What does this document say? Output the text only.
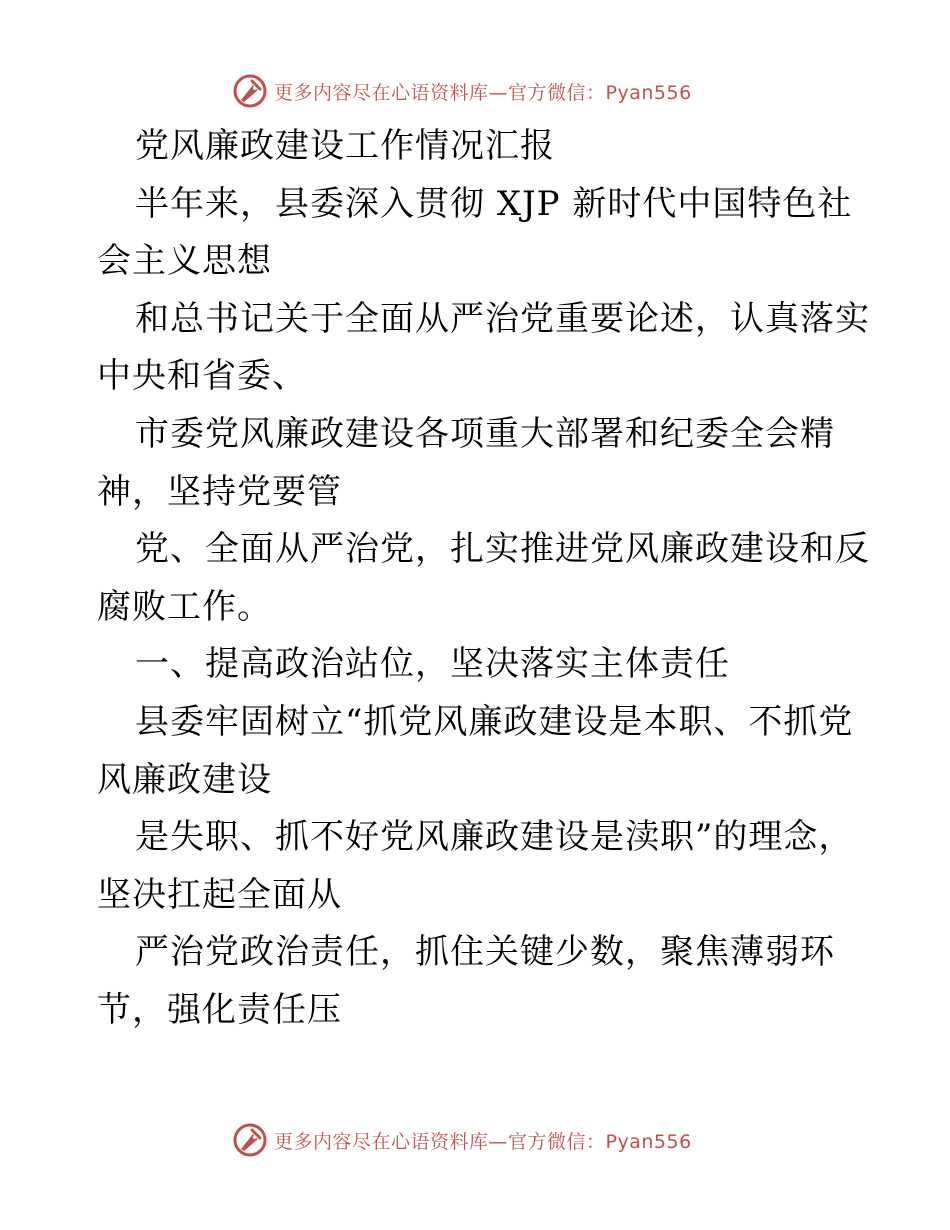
更多内容尽在心语资料库—官方微信：Pyan556
党风廉政建设工作情况汇报
半年来，县委深入贯彻 XJP 新时代中国特色社
会主义思想
和总书记关于全面从严治党重要论述，认真落实
中央和省委、
市委党风廉政建设各项重大部署和纪委全会精
神，坚持党要管
党、全面从严治党，扎实推进党风廉政建设和反
腐败工作。
一、提高政治站位，坚决落实主体责任
县委牢固树立“抓党风廉政建设是本职、不抓党
风廉政建设
是失职、抓不好党风廉政建设是渎职”的理念，
坚决扛起全面从
严治党政治责任，抓住关键少数，聚焦薄弱环
节，强化责任压
更多内容尽在心语资料库—官方微信：Pyan556
